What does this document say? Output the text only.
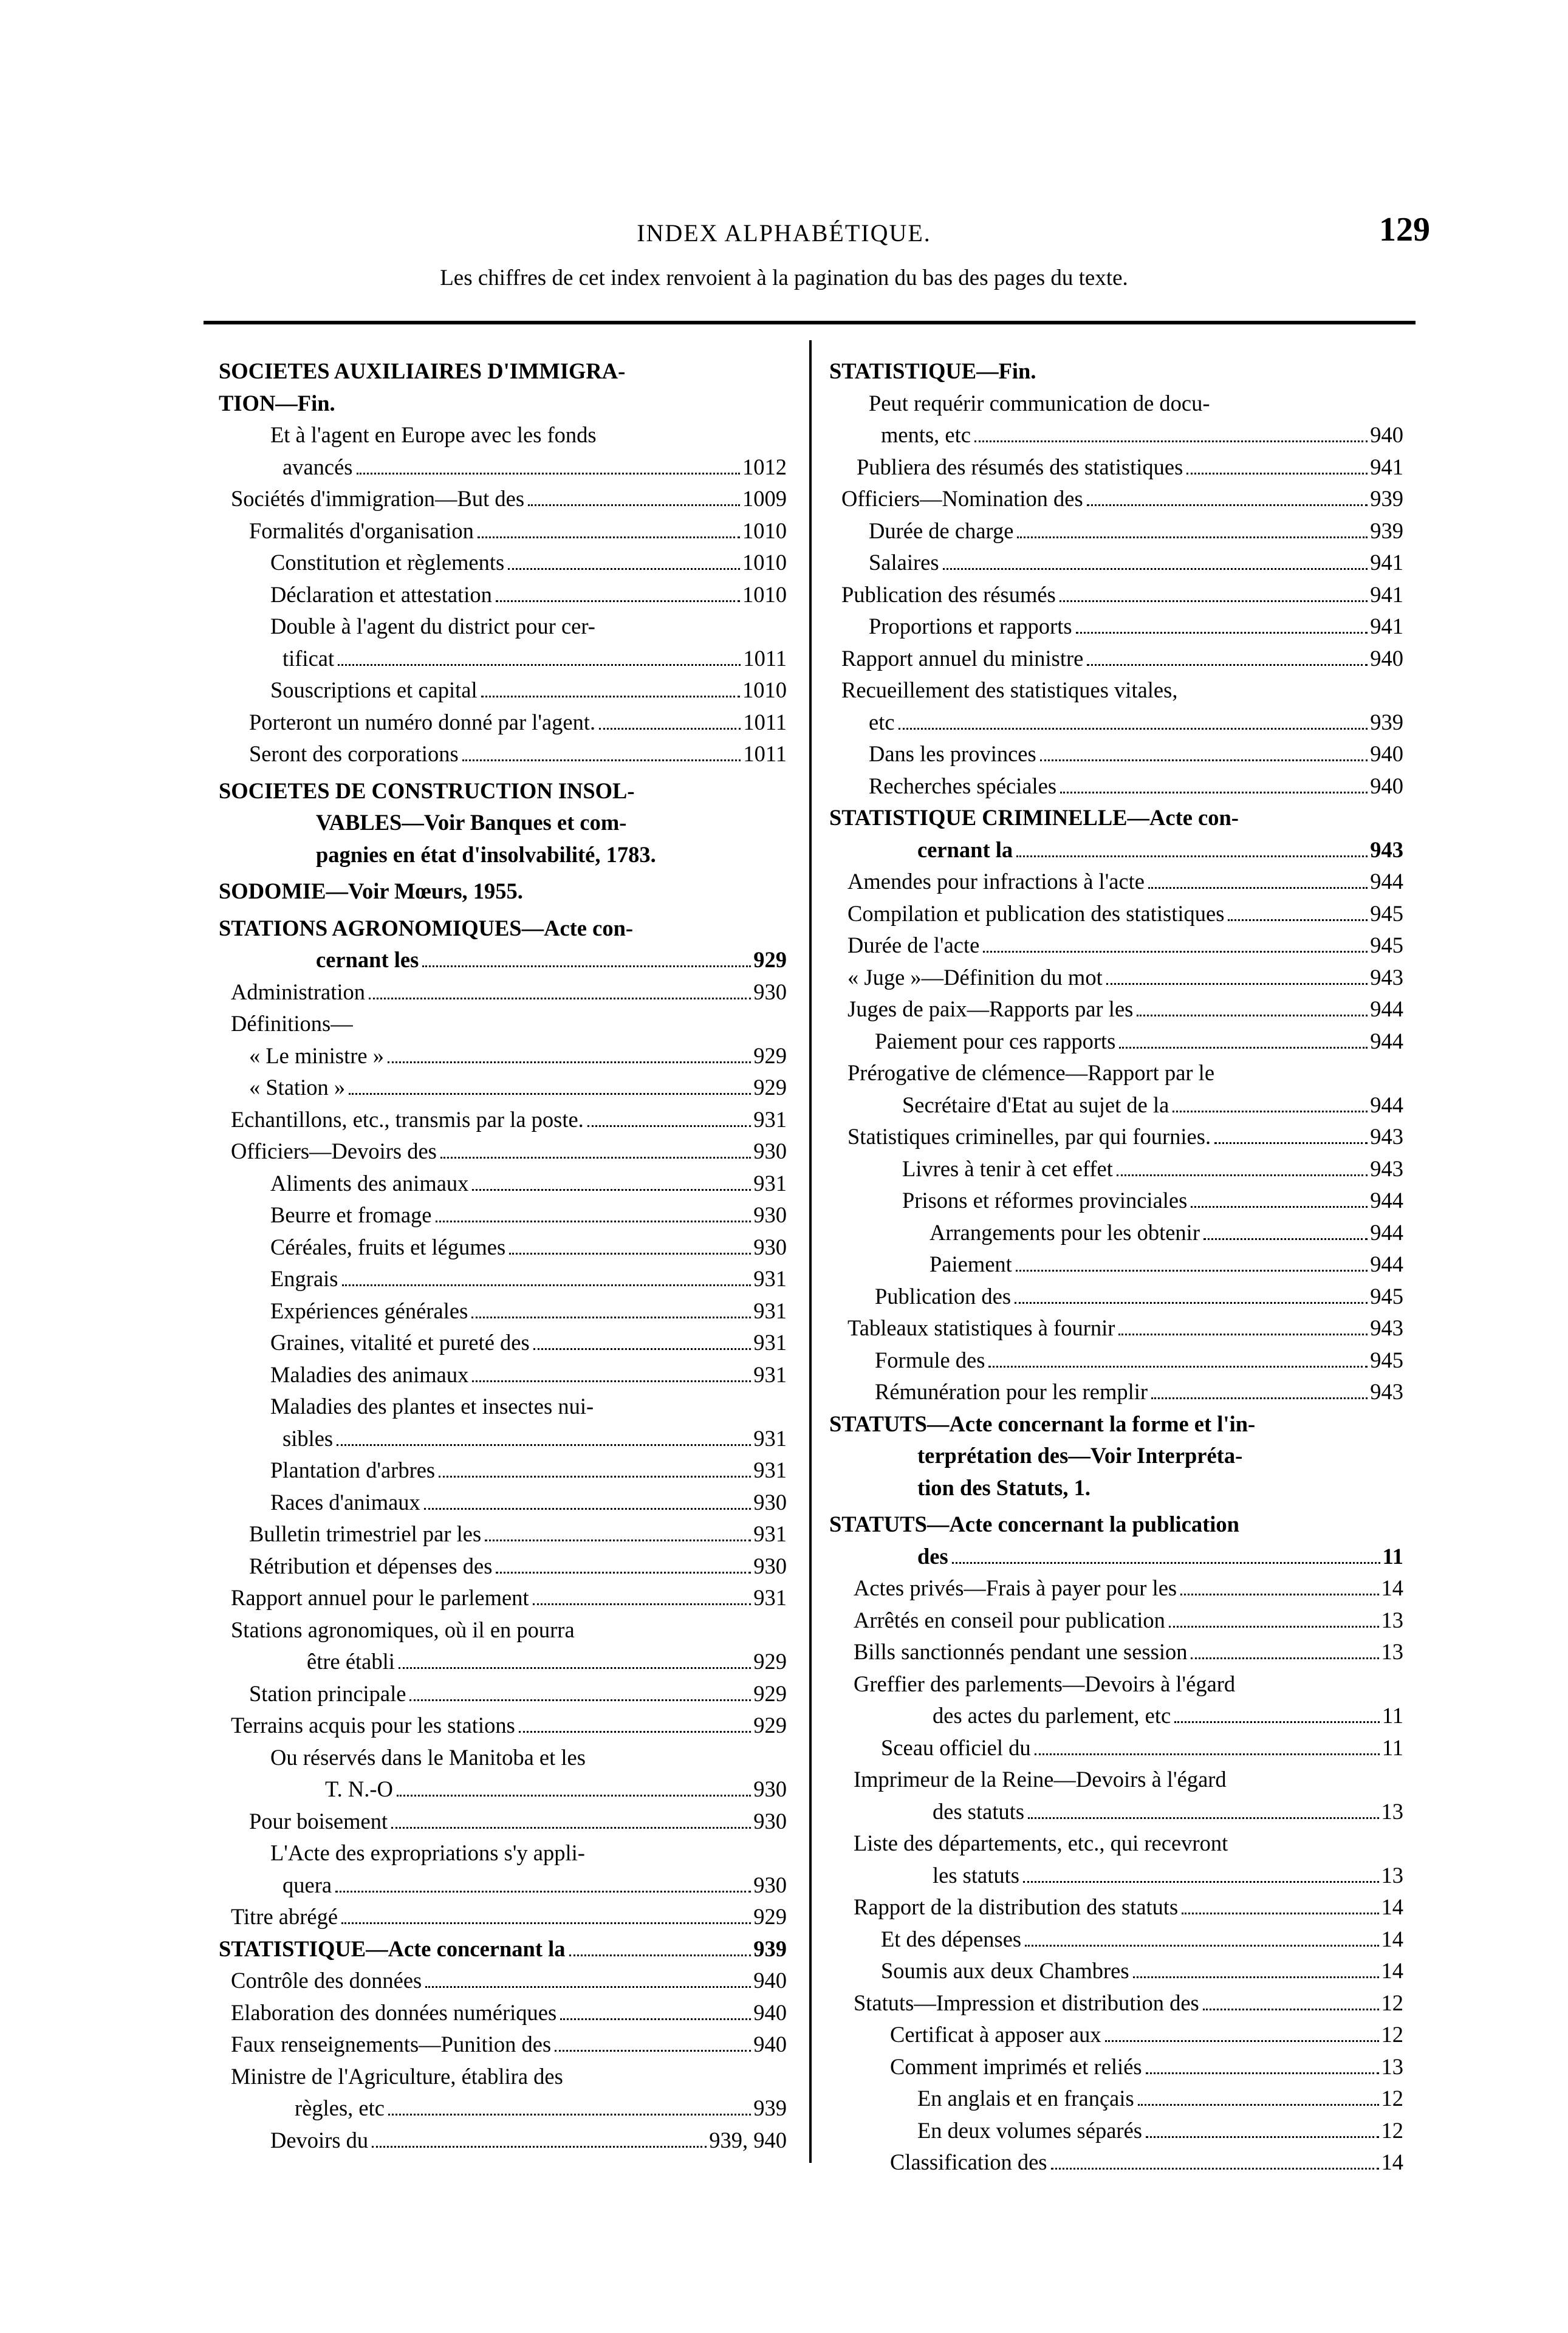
INDEX ALPHABÉTIQUE.	129
Les chiffres de cet index renvoient à la pagination du bas des pages du texte.
SOCIETES AUXILIAIRES D'IMMIGRA-
TION—Fin.
Et à l'agent en Europe avec les fonds
avancés	1012
Sociétés d'immigration—But des	1009
Formalités d'organisation	1010
Constitution et règlements	1010
Déclaration et attestation	1010
Double à l'agent du district pour cer-
tificat	1011
Souscriptions et capital	1010
Porteront un numéro donné par l'agent.	1011
Seront des corporations	1011
SOCIETES DE CONSTRUCTION INSOL-
VABLES—Voir Banques et com-
pagnies en état d'insolvabilité, 1783.
SODOMIE—Voir Mœurs, 1955.
STATIONS AGRONOMIQUES—Acte con-
cernant les	929
Administration	930
Définitions—
« Le ministre »	929
« Station »	929
Echantillons, etc., transmis par la poste.	931
Officiers—Devoirs des	930
Aliments des animaux	931
Beurre et fromage	930
Céréales, fruits et légumes	930
Engrais	931
Expériences générales	931
Graines, vitalité et pureté des	931
Maladies des animaux	931
Maladies des plantes et insectes nui-
sibles	931
Plantation d'arbres	931
Races d'animaux	930
Bulletin trimestriel par les	931
Rétribution et dépenses des	930
Rapport annuel pour le parlement	931
Stations agronomiques, où il en pourra
être établi	929
Station principale	929
Terrains acquis pour les stations	929
Ou réservés dans le Manitoba et les
T. N.-O	930
Pour boisement	930
L'Acte des expropriations s'y appli-
quera	930
Titre abrégé	929
STATISTIQUE—Acte concernant la	939
Contrôle des données	940
Elaboration des données numériques	940
Faux renseignements—Punition des	940
Ministre de l'Agriculture, établira des
règles, etc	939
Devoirs du	939, 940
STATISTIQUE—Fin.
Peut requérir communication de docu-
ments, etc	940
Publiera des résumés des statistiques	941
Officiers—Nomination des	939
Durée de charge	939
Salaires	941
Publication des résumés	941
Proportions et rapports	941
Rapport annuel du ministre	940
Recueillement des statistiques vitales,
etc	939
Dans les provinces	940
Recherches spéciales	940
STATISTIQUE CRIMINELLE—Acte con-
cernant la	943
Amendes pour infractions à l'acte	944
Compilation et publication des statistiques	945
Durée de l'acte	945
« Juge »—Définition du mot	943
Juges de paix—Rapports par les	944
Paiement pour ces rapports	944
Prérogative de clémence—Rapport par le
Secrétaire d'Etat au sujet de la	944
Statistiques criminelles, par qui fournies.	943
Livres à tenir à cet effet	943
Prisons et réformes provinciales	944
Arrangements pour les obtenir	944
Paiement	944
Publication des	945
Tableaux statistiques à fournir	943
Formule des	945
Rémunération pour les remplir	943
STATUTS—Acte concernant la forme et l'in-
terprétation des—Voir Interpréta-
tion des Statuts, 1.
STATUTS—Acte concernant la publication
des	11
Actes privés—Frais à payer pour les	14
Arrêtés en conseil pour publication	13
Bills sanctionnés pendant une session	13
Greffier des parlements—Devoirs à l'égard
des actes du parlement, etc	11
Sceau officiel du	11
Imprimeur de la Reine—Devoirs à l'égard
des statuts	13
Liste des départements, etc., qui recevront
les statuts	13
Rapport de la distribution des statuts	14
Et des dépenses	14
Soumis aux deux Chambres	14
Statuts—Impression et distribution des	12
Certificat à apposer aux	12
Comment imprimés et reliés	13
En anglais et en français	12
En deux volumes séparés	12
Classification des	14
